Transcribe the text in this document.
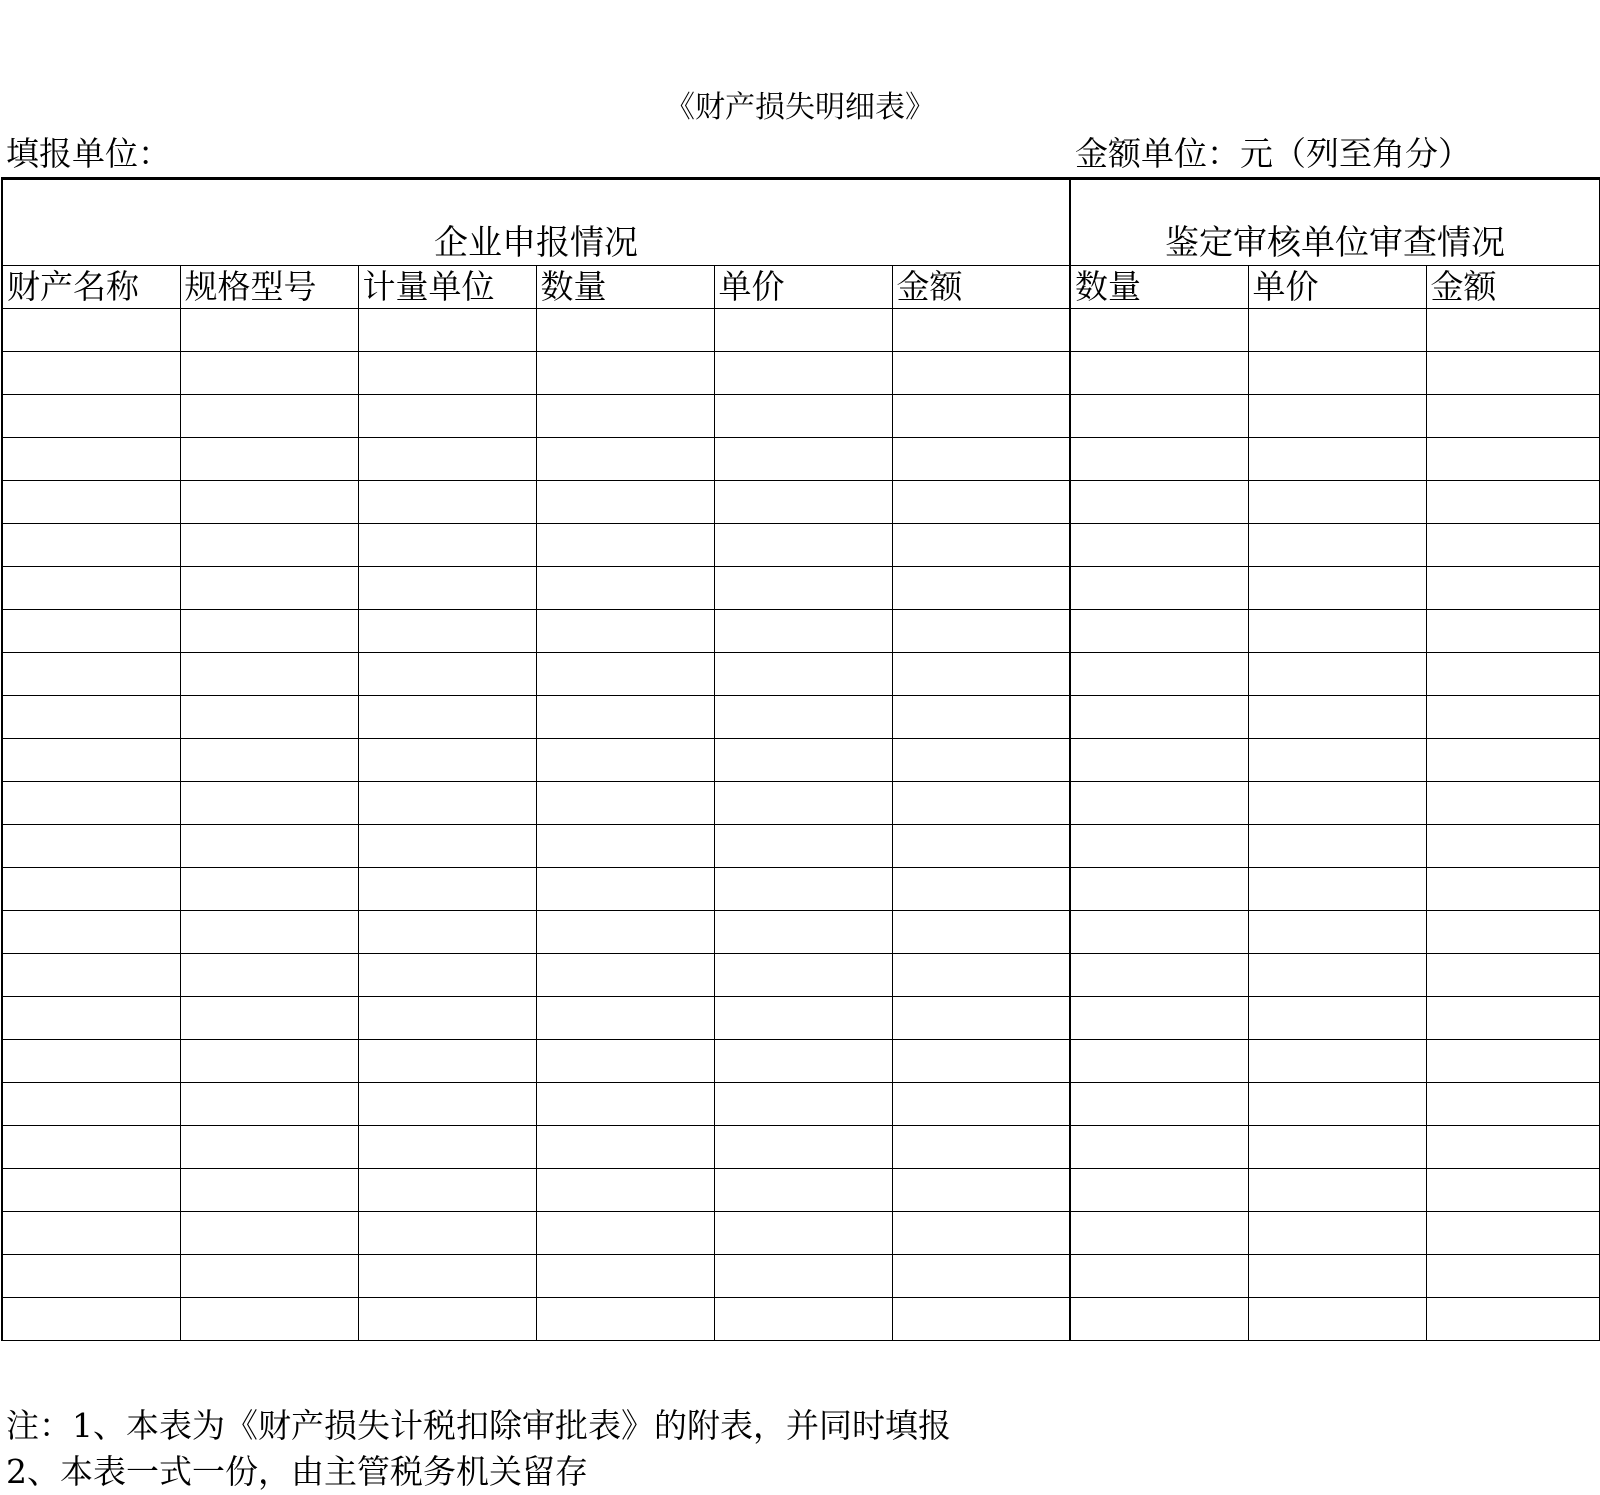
《财产损失明细表》
填报单位：	金额单位：元（列至角分）
企业申报情况						鉴定审核单位审查情况		

财产名称	规格型号	计量单位	数量	单价	金额	数量	单价	金额

注：1、本表为《财产损失计税扣除审批表》的附表，并同时填报
2、本表一式一份，由主管税务机关留存
